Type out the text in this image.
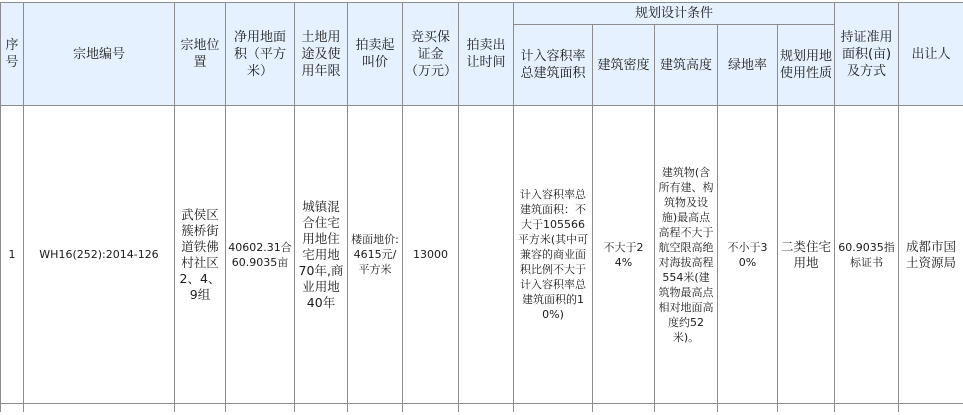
序号	宗地编号	宗地位置	净用地面积（平方米）	土地用途及使用年限	拍卖起叫价	竞买保证金（万元）	拍卖出让时间	规划设计条件					持证准用面积(亩)及方式	出让人
								计入容积率总建筑面积	建筑密度	建筑高度	绿地率	规划用地使用性质		
1	WH16(252):2014-126	武侯区簇桥街道铁佛村社区2、4、9组	40602.31合60.9035亩	城镇混合住宅用地住宅用地 70年,商业用地 40年	楼面地价:4615元/平方米	13000		计入容积率总建筑面积：不大于105566平方米(其中可兼容的商业面积比例不大于计入容积率总建筑面积的10%)	不大于24%	建筑物(含所有建、构筑物及设施)最高点高程不大于航空限高绝对海拔高程554米(建筑物最高点相对地面高度约52米)。	不小于30%	二类住宅用地	60.9035指标证书	成都市国土资源局
